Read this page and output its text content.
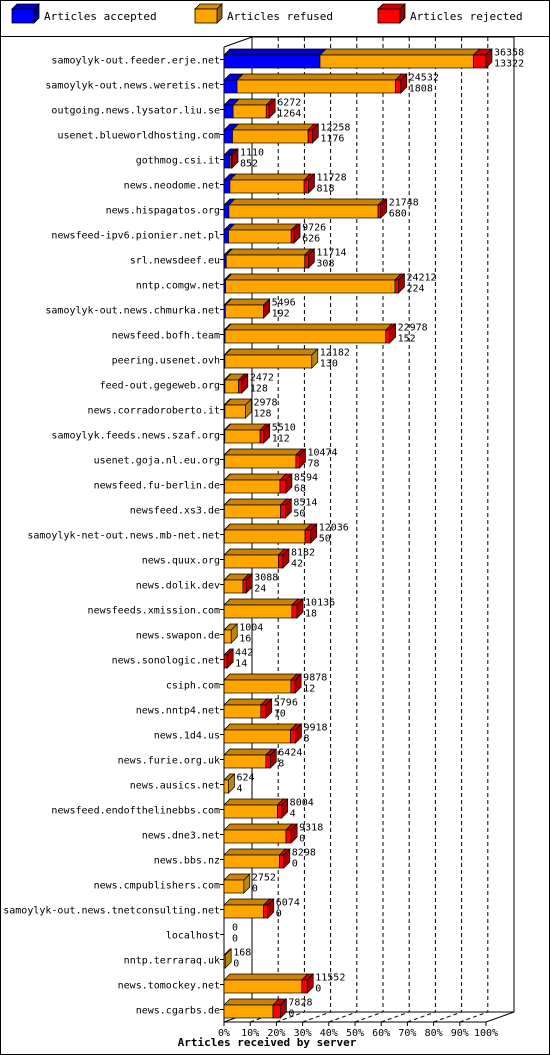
Articles accepted	Articles refused	Articles rejected
0% 10% 20% 30% 40% 50% 60% 70% 80% 90% 100%
samoylyk-out.feeder.erje.net
36358
13322
samoylyk-out.news.weretis.net
24532
1808
outgoing.news.lysator.liu.se
6272
1264
usenet.blueworldhosting.com
12258
1176
gothmog.csi.it
1110
852
news.neodome.net
11728
818
news.hispagatos.org
21748
680
newsfeed-ipv6.pionier.net.pl
9726
626
srl.newsdeef.eu
11714
308
nntp.comgw.net
24212
224
samoylyk-out.news.chmurka.net
5496
192
newsfeed.bofh.team
22978
152
peering.usenet.ovh
12182
130
feed-out.gegeweb.org
2472
128
news.corradoroberto.it
2978
128
samoylyk.feeds.news.szaf.org
5510
112
usenet.goja.nl.eu.org
10474
78
newsfeed.fu-berlin.de
8594
68
newsfeed.xs3.de
8514
50
samoylyk-net-out.news.mb-net.net
12036
50
news.quux.org
8182
42
news.dolik.dev
3088
24
newsfeeds.xmission.com
10136
18
news.swapon.de
1004
16
news.sonologic.net
442
14
csiph.com
9878
12
news.nntp4.net
5796
10
news.1d4.us
9918
8
news.furie.org.uk
6424
8
news.ausics.net
624
4
newsfeed.endofthelinebbs.com
8004
4
news.dne3.net
9318
0
news.bbs.nz
8298
0
news.cmpublishers.com
2752
0
samoylyk-out.news.tnetconsulting.net
6074
0
localhost
0
0
nntp.terraraq.uk
168
0
news.tomockey.net
11552
0
news.cgarbs.de
7828
0
Articles received by server
